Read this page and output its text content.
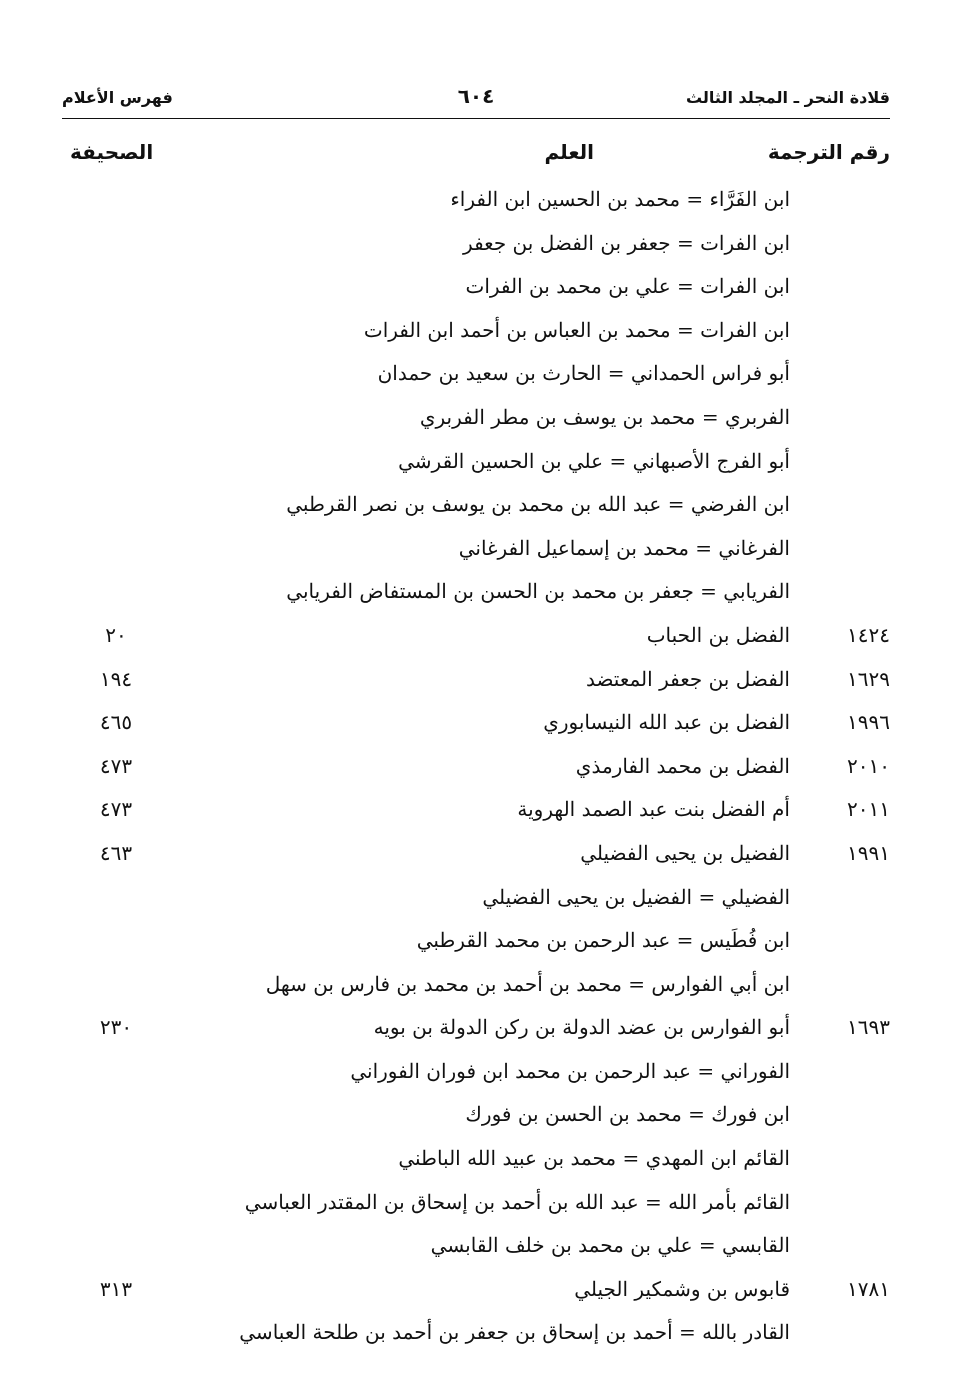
قلادة النحر ـ المجلد الثالث
٦٠٤
فهرس الأعلام
رقم الترجمة
العلم
الصحيفة
ابن الفَرَّاء = محمد بن الحسين ابن الفراء
ابن الفرات = جعفر بن الفضل بن جعفر
ابن الفرات = علي بن محمد بن الفرات
ابن الفرات = محمد بن العباس بن أحمد ابن الفرات
أبو فراس الحمداني = الحارث بن سعيد بن حمدان
الفربري = محمد بن يوسف بن مطر الفربري
أبو الفرج الأصبهاني = علي بن الحسين القرشي
ابن الفرضي = عبد الله بن محمد بن يوسف بن نصر القرطبي
الفرغاني = محمد بن إسماعيل الفرغاني
الفريابي = جعفر بن محمد بن الحسن بن المستفاض الفريابي
١٤٢٤
الفضل بن الحباب
٢٠
١٦٢٩
الفضل بن جعفر المعتضد
١٩٤
١٩٩٦
الفضل بن عبد الله النيسابوري
٤٦٥
٢٠١٠
الفضل بن محمد الفارمذي
٤٧٣
٢٠١١
أم الفضل بنت عبد الصمد الهروية
٤٧٣
١٩٩١
الفضيل بن يحيى الفضيلي
٤٦٣
الفضيلي = الفضيل بن يحيى الفضيلي
ابن فُطَيس = عبد الرحمن بن محمد القرطبي
ابن أبي الفوارس = محمد بن أحمد بن محمد بن فارس بن سهل
١٦٩٣
أبو الفوارس بن عضد الدولة بن ركن الدولة بن بويه
٢٣٠
الفوراني = عبد الرحمن بن محمد ابن فوران الفوراني
ابن فورك = محمد بن الحسن بن فورك
القائم ابن المهدي = محمد بن عبيد الله الباطني
القائم بأمر الله = عبد الله بن أحمد بن إسحاق بن المقتدر العباسي
القابسي = علي بن محمد بن خلف القابسي
١٧٨١
قابوس بن وشمكير الجيلي
٣١٣
القادر بالله = أحمد بن إسحاق بن جعفر بن أحمد بن طلحة العباسي
